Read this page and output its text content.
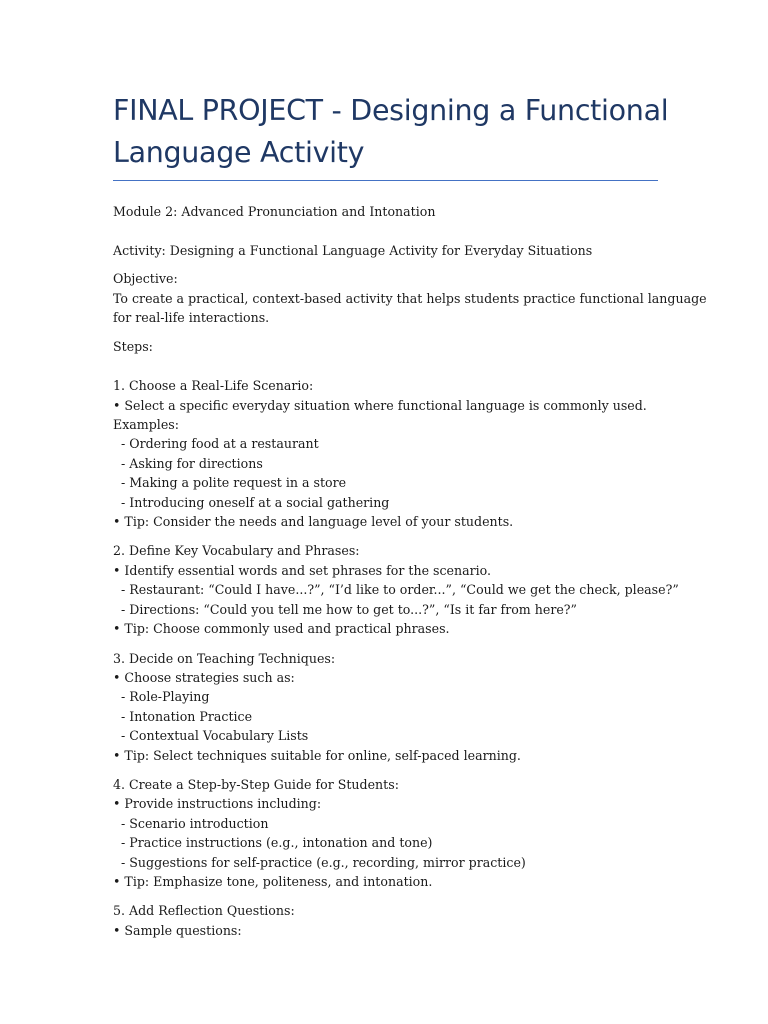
FINAL PROJECT - Designing a Functional
Language Activity
Module 2: Advanced Pronunciation and Intonation
Activity: Designing a Functional Language Activity for Everyday Situations
Objective:
To create a practical, context-based activity that helps students practice functional language
for real-life interactions.
Steps:
1. Choose a Real-Life Scenario:
• Select a specific everyday situation where functional language is commonly used.
Examples:
- Ordering food at a restaurant
- Asking for directions
- Making a polite request in a store
- Introducing oneself at a social gathering
• Tip: Consider the needs and language level of your students.
2. Define Key Vocabulary and Phrases:
• Identify essential words and set phrases for the scenario.
- Restaurant: “Could I have...?”, “I’d like to order...”, “Could we get the check, please?”
- Directions: “Could you tell me how to get to...?”, “Is it far from here?”
• Tip: Choose commonly used and practical phrases.
3. Decide on Teaching Techniques:
• Choose strategies such as:
- Role-Playing
- Intonation Practice
- Contextual Vocabulary Lists
• Tip: Select techniques suitable for online, self-paced learning.
4. Create a Step-by-Step Guide for Students:
• Provide instructions including:
- Scenario introduction
- Practice instructions (e.g., intonation and tone)
- Suggestions for self-practice (e.g., recording, mirror practice)
• Tip: Emphasize tone, politeness, and intonation.
5. Add Reflection Questions:
• Sample questions:
